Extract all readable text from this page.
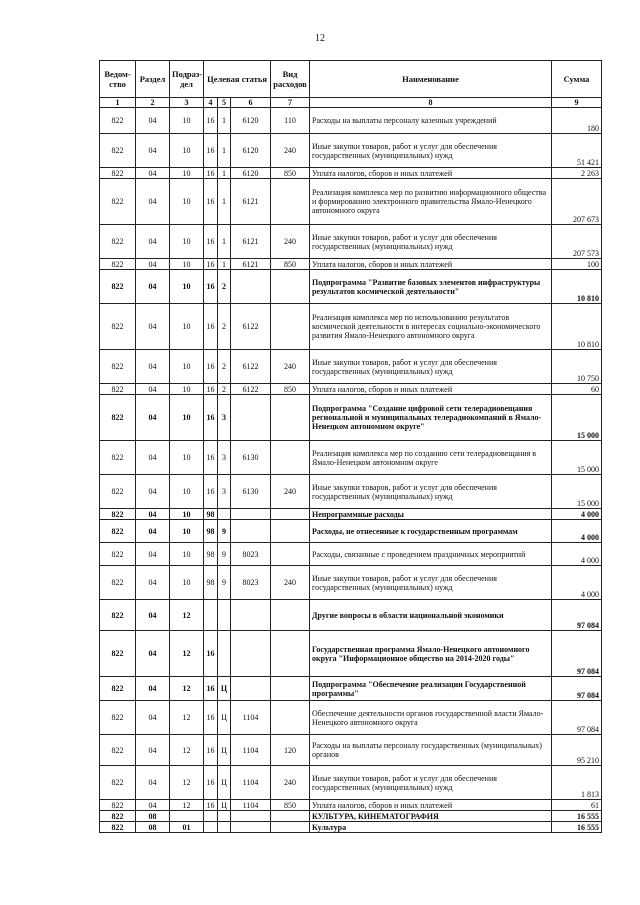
12
Ведом-ство	Раздел	Подраз-дел	Целевая статья			Вид расходов	Наименование	Сумма
1	2	3	4	5	6	7	8	9
822	04	10	16	1	6120	110	Расходы на выплаты персоналу казенных учреждений	180
822	04	10	16	1	6120	240	Иные закупки товаров, работ и услуг для обеспечения государственных (муниципальных) нужд	51 421
822	04	10	16	1	6120	850	Уплата налогов, сборов и иных платежей	2 263
822	04	10	16	1	6121		Реализация комплекса мер по развитию информационного общества и формированию электронного правительства Ямало-Ненецкого автономного округа	207 673
822	04	10	16	1	6121	240	Иные закупки товаров, работ и услуг для обеспечения государственных (муниципальных) нужд	207 573
822	04	10	16	1	6121	850	Уплата налогов, сборов и иных платежей	100
822	04	10	16	2			Подпрограмма "Развитие базовых элементов инфраструктуры результатов космической деятельности"	10 810
822	04	10	16	2	6122		Реализация комплекса мер по использованию результатов космической деятельности в интересах социально-экономического развития Ямало-Ненецкого автономного округа	10 810
822	04	10	16	2	6122	240	Иные закупки товаров, работ и услуг для обеспечения государственных (муниципальных) нужд	10 750
822	04	10	16	2	6122	850	Уплата налогов, сборов и иных платежей	60
822	04	10	16	3			Подпрограмма "Создание цифровой сети телерадиовещания региональной и муниципальных телерадиокомпаний в Ямало-Ненецком автономном округе"	15 000
822	04	10	16	3	6130		Реализация комплекса мер по созданию сети телерадиовещания в Ямало-Ненецком автономном округе	15 000
822	04	10	16	3	6130	240	Иные закупки товаров, работ и услуг для обеспечения государственных (муниципальных) нужд	15 000
822	04	10	98				Непрограммные расходы	4 000
822	04	10	98	9			Расходы, не отнесенные к государственным программам	4 000
822	04	10	98	9	8023		Расходы, связанные с проведением праздничных мероприятий	4 000
822	04	10	98	9	8023	240	Иные закупки товаров, работ и услуг для обеспечения государственных (муниципальных) нужд	4 000
822	04	12					Другие вопросы в области национальной экономики	97 084
822	04	12	16				Государственная программа Ямало-Ненецкого автономного округа "Информационное общество на 2014-2020 годы"	97 084
822	04	12	16	Ц			Подпрограмма "Обеспечение реализации Государственной программы"	97 084
822	04	12	16	Ц	1104		Обеспечение деятельности органов государственной власти Ямало-Ненецкого автономного округа	97 084
822	04	12	16	Ц	1104	120	Расходы на выплаты персоналу государственных (муниципальных) органов	95 210
822	04	12	16	Ц	1104	240	Иные закупки товаров, работ и услуг для обеспечения государственных (муниципальных) нужд	1 813
822	04	12	16	Ц	1104	850	Уплата налогов, сборов и иных платежей	61
822	08						КУЛЬТУРА, КИНЕМАТОГРАФИЯ	16 555
822	08	01					Культура	16 555
